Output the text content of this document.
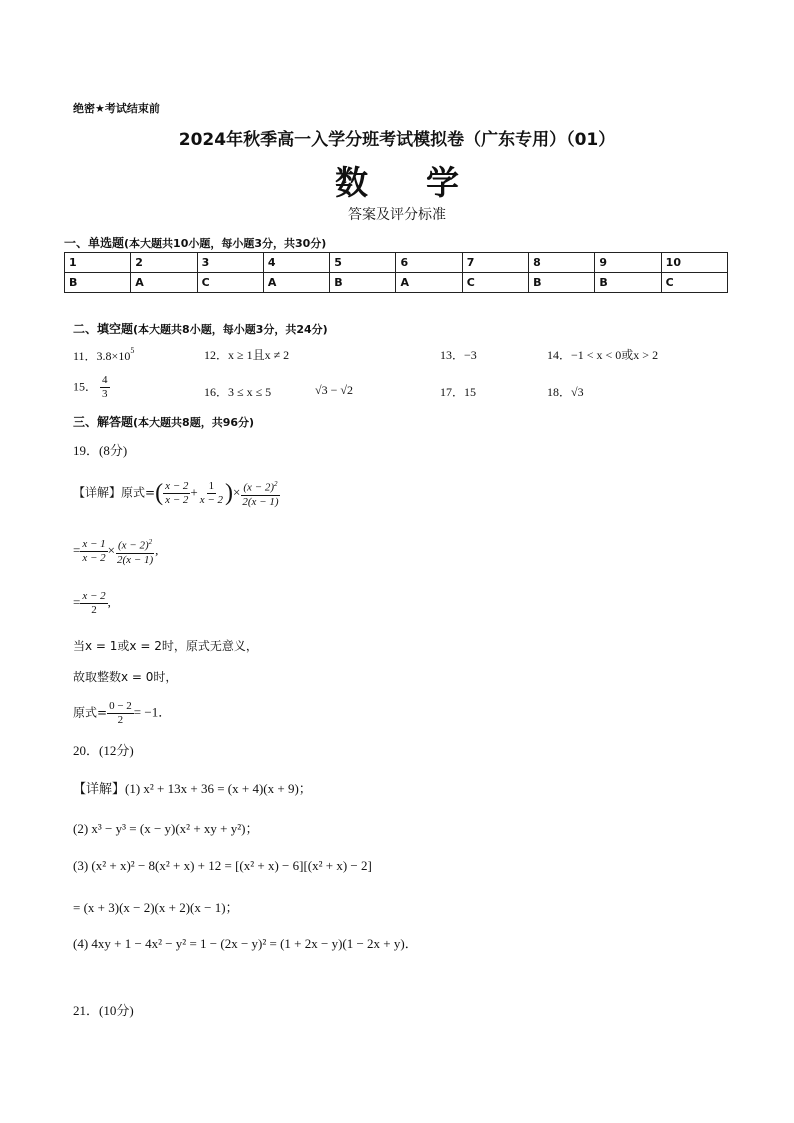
绝密★考试结束前
2024年秋季高一入学分班考试模拟卷（广东专用）（01）
数学
答案及评分标准
一、单选题(本大题共10小题，每小题3分，共30分)
1	2	3	4	5	6	7	8	9	10
B	A	C	A	B	A	C	B	B	C
二、填空题(本大题共8小题，每小题3分，共24分)
11．$3.8\times 10^5$	12．x ≥ 1且x ≠ 2	13．−3	14．−1 < x < 0或x > 2
15． $\frac{4}{3}$	16．3 ≤ x ≤ 5	√3 − √2	17．15	18．√3
三、解答题(本大题共8题，共96分)
19．(8分)
【详解】原式=( $\frac{x - 2}{x - 2} + \frac{1}{x - 2}$ )× $\frac{(x - 2)^2}{2(x - 1)}$
= $\frac{x - 1}{x - 2} \times \frac{(x - 2)^2}{2(x - 1)}$ ,
= $\frac{x - 2}{2}$ ,
当x = 1或x = 2时，原式无意义，
故取整数x = 0时，
原式= $\frac{0 - 2}{2} = -1$．
20．(12分)
【详解】(1) x² + 13x + 36 = (x + 4)(x + 9)；
(2) x³ − y³ = (x − y)(x² + xy + y²)；
(3) (x² + x)² − 8(x² + x) + 12 = [(x² + x) − 6][(x² + x) − 2]
= (x + 3)(x − 2)(x + 2)(x − 1)；
(4) 4xy + 1 − 4x² − y² = 1 − (2x − y)² = (1 + 2x − y)(1 − 2x + y)．
21．(10分)
